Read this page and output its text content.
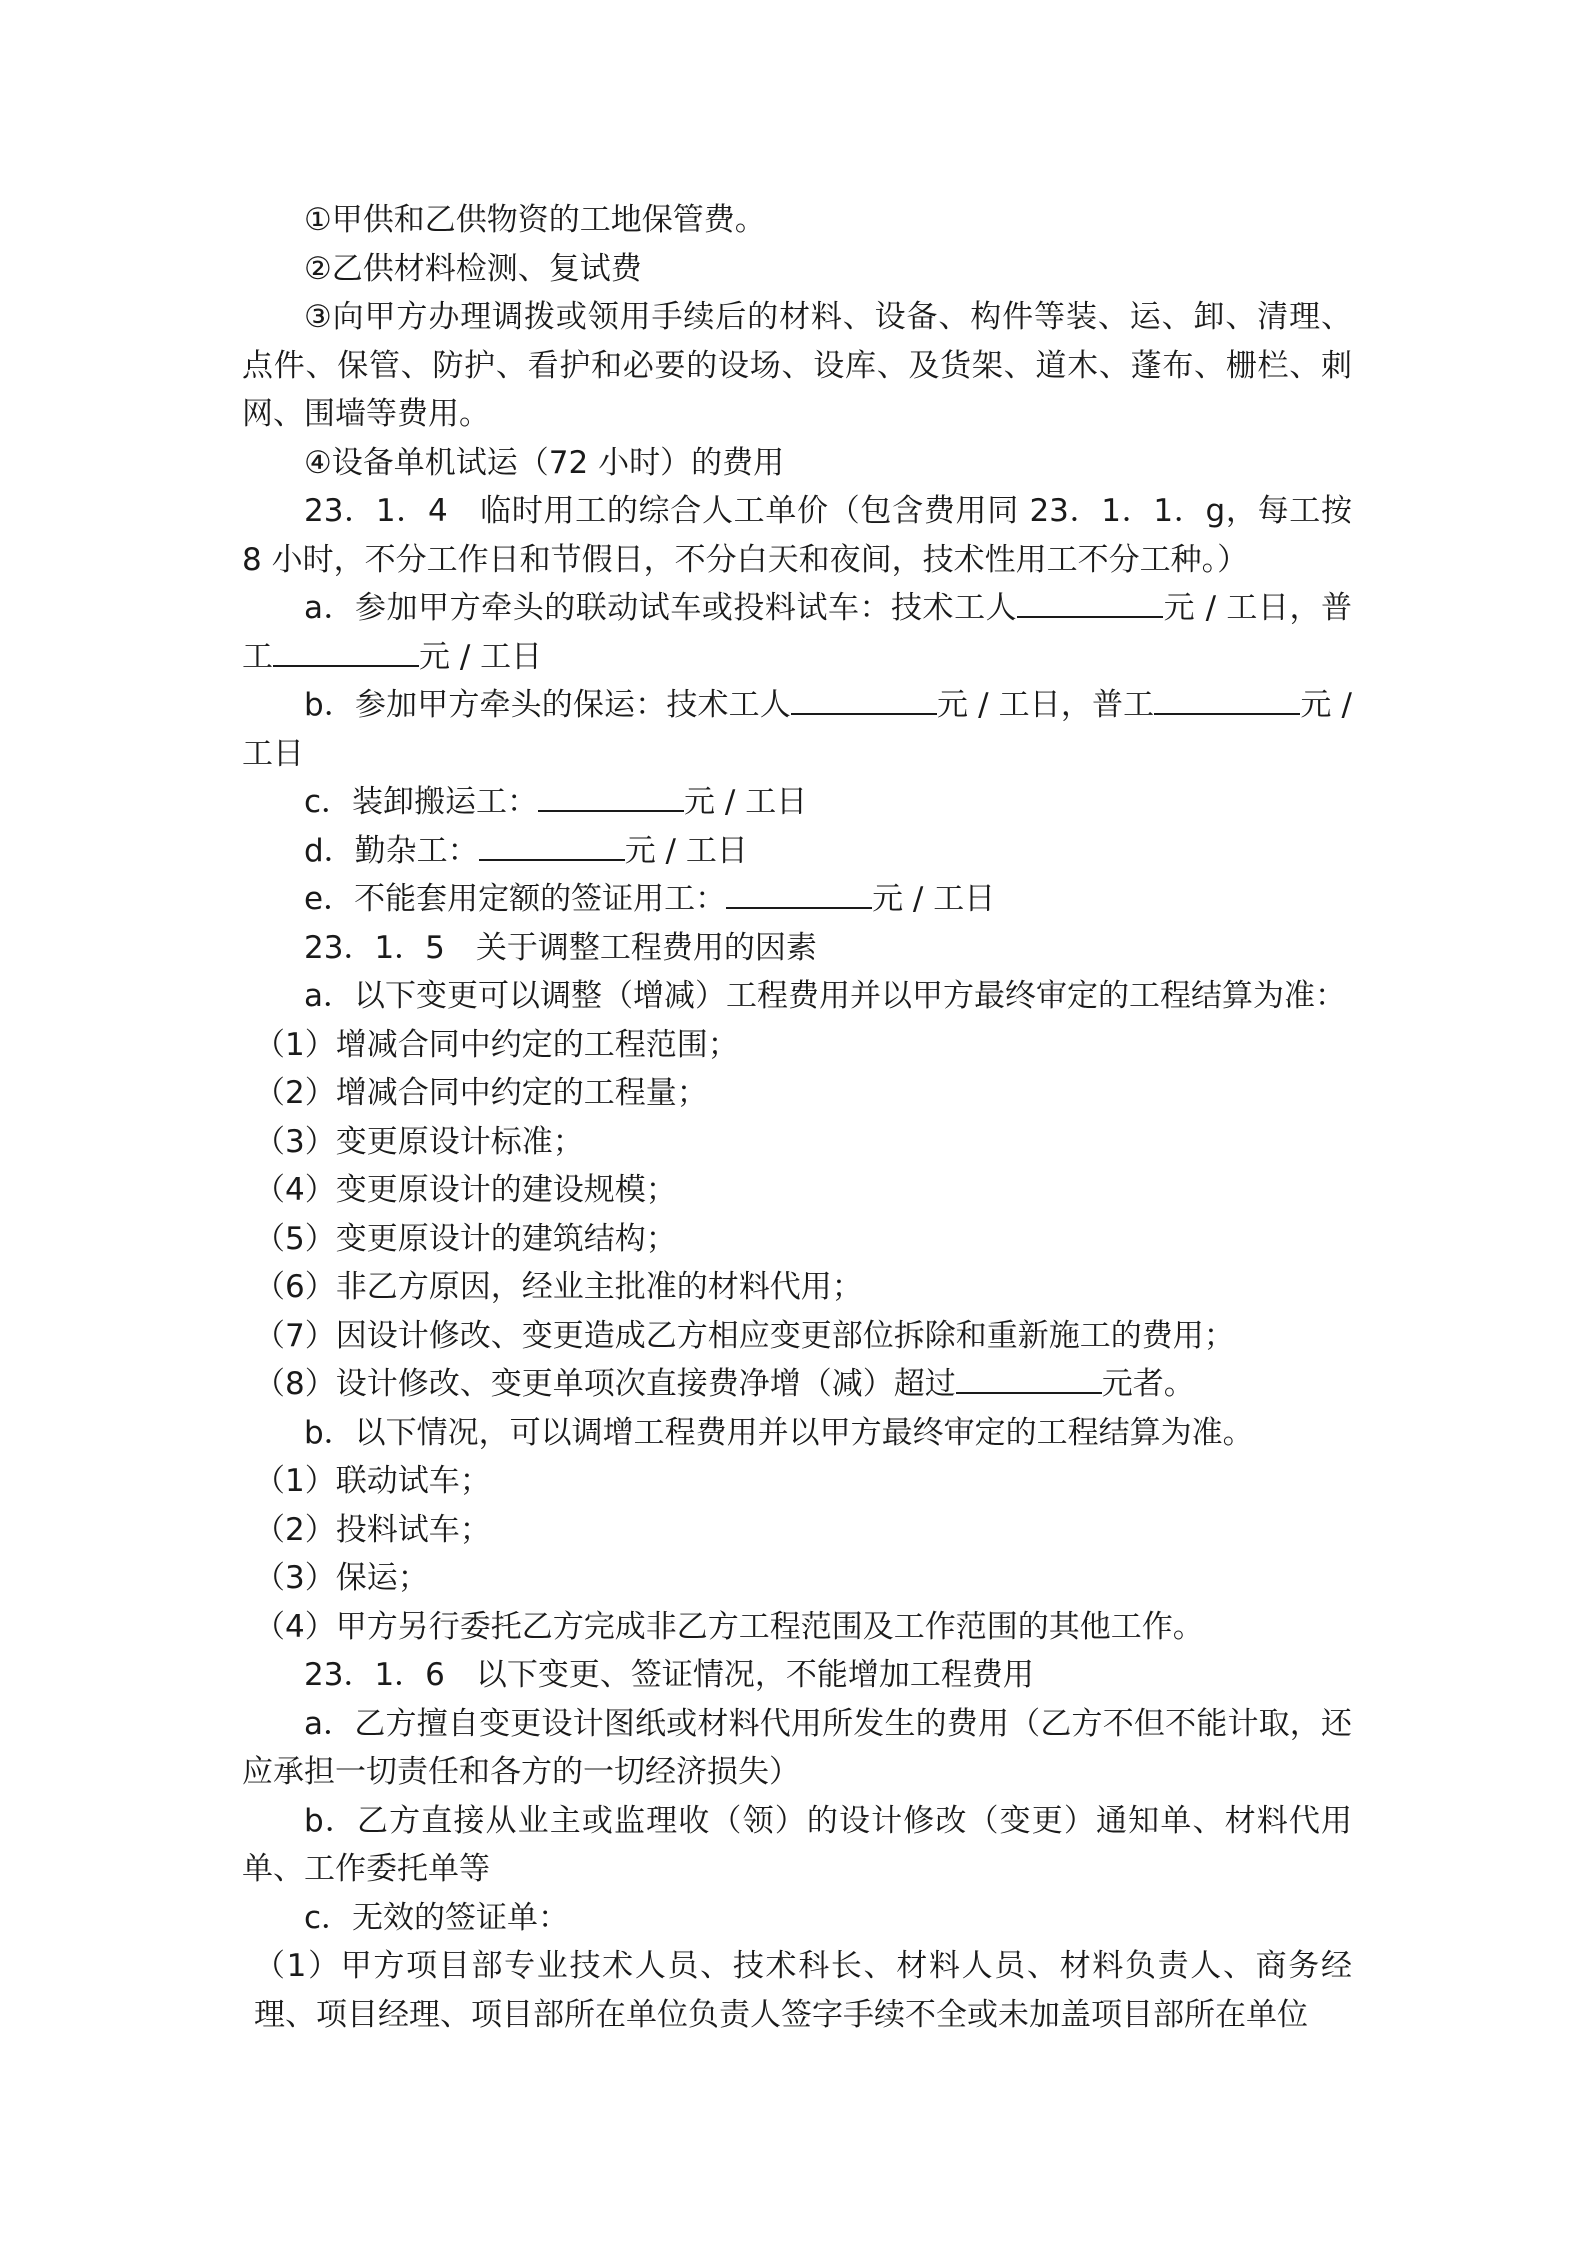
①甲供和乙供物资的工地保管费。

②乙供材料检测、复试费

③向甲方办理调拨或领用手续后的材料、设备、构件等装、运、卸、清理、点件、保管、防护、看护和必要的设场、设库、及货架、道木、蓬布、栅栏、刺网、围墙等费用。

④设备单机试运（72 小时）的费用

23．1．4　临时用工的综合人工单价（包含费用同 23．1．1．g，每工按 8 小时，不分工作日和节假日，不分白天和夜间，技术性用工不分工种。）

a．参加甲方牵头的联动试车或投料试车：技术工人	元 / 工日，普工	元 / 工日

b．参加甲方牵头的保运：技术工人	元 / 工日，普工	元 / 工日

c．装卸搬运工：	元 / 工日

d．勤杂工：	元 / 工日

e．不能套用定额的签证用工：	元 / 工日

23．1．5　关于调整工程费用的因素

a．以下变更可以调整（增减）工程费用并以甲方最终审定的工程结算为准：

（1）增减合同中约定的工程范围；

（2）增减合同中约定的工程量；

（3）变更原设计标准；

（4）变更原设计的建设规模；

（5）变更原设计的建筑结构；

（6）非乙方原因，经业主批准的材料代用；

（7）因设计修改、变更造成乙方相应变更部位拆除和重新施工的费用；

（8）设计修改、变更单项次直接费净增（减）超过	元者。

b．以下情况，可以调增工程费用并以甲方最终审定的工程结算为准。

（1）联动试车；

（2）投料试车；

（3）保运；

（4）甲方另行委托乙方完成非乙方工程范围及工作范围的其他工作。

23．1．6　以下变更、签证情况，不能增加工程费用

a．乙方擅自变更设计图纸或材料代用所发生的费用（乙方不但不能计取，还应承担一切责任和各方的一切经济损失）

b．乙方直接从业主或监理收（领）的设计修改（变更）通知单、材料代用单、工作委托单等

c．无效的签证单：

（1）甲方项目部专业技术人员、技术科长、材料人员、材料负责人、商务经理、项目经理、项目部所在单位负责人签字手续不全或未加盖项目部所在单位
